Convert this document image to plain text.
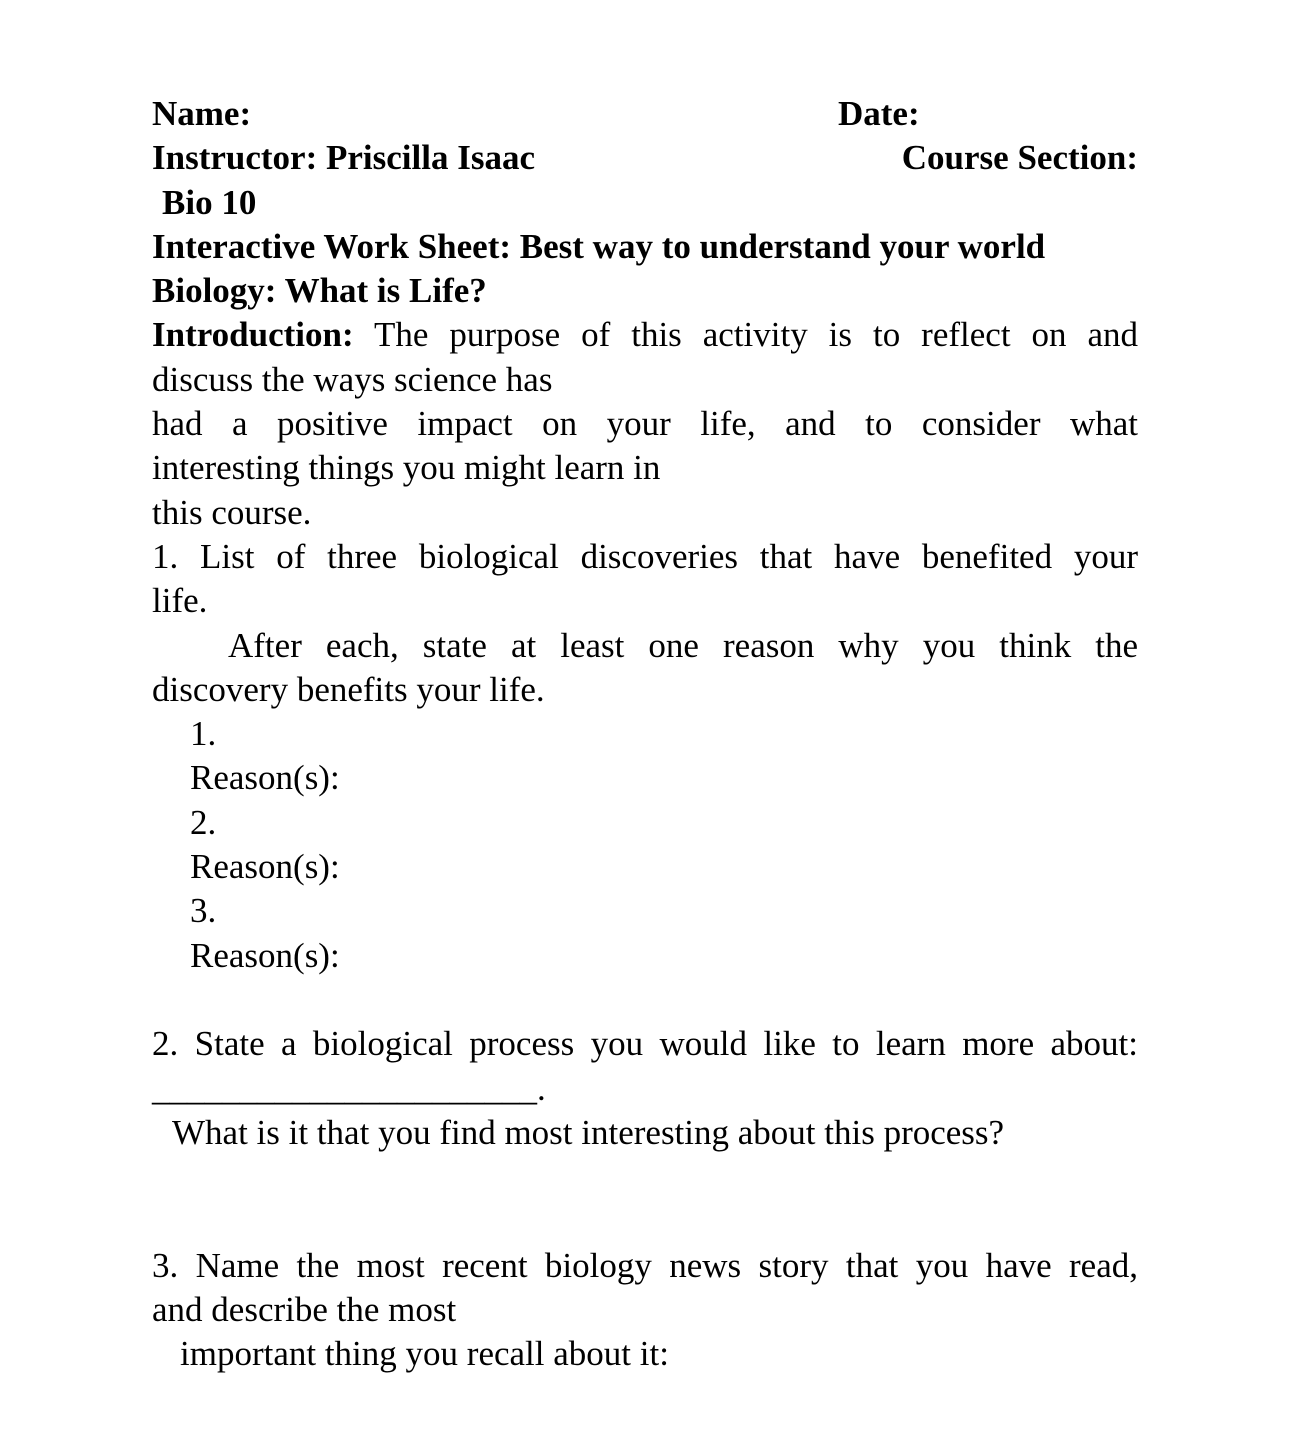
Name:	Date:
Instructor: Priscilla Isaac	Course Section:
Bio 10
Interactive Work Sheet: Best way to understand your world
Biology: What is Life?
Introduction: The purpose of this activity is to reflect on and
discuss the ways science has
had a positive impact on your life, and to consider what
interesting things you might learn in
this course.
1. List of three biological discoveries that have benefited your
life.
After each, state at least one reason why you think the
discovery benefits your life.
1.
Reason(s):
2.
Reason(s):
3.
Reason(s):
2. State a biological process you would like to learn more about:
______________________.
What is it that you find most interesting about this process?
3. Name the most recent biology news story that you have read,
and describe the most
important thing you recall about it:
